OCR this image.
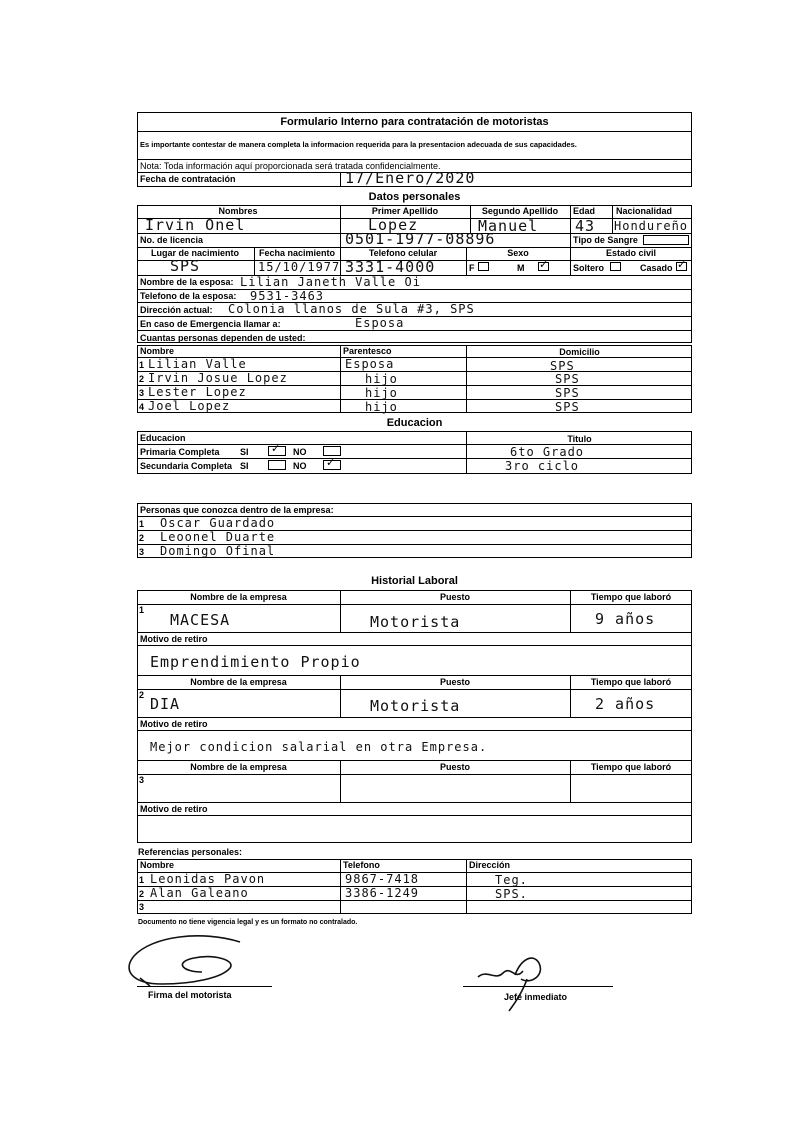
Formulario Interno para contratación de motoristas
Es importante contestar de manera completa la informacion requerida para la presentacion adecuada de sus capacidades.
Nota: Toda información aquí proporcionada será tratada confidencialmente.
Fecha de contratación	17/Enero/2020
Datos personales
Nombres	Primer Apellido	Segundo Apellido	Edad Nacionalidad
Irvin Onel	Lopez	Manuel 43 Hondureño
No. de licencia	0501-1977-08896	Tipo de Sangre
Lugar de nacimiento	Fecha nacimiento	Telefono celular	Sexo	Estado civil
SPS	15/10/1977 3331-4000	F	M ✓	Soltero	Casado ✓
Nombre de la esposa: Lilian Janeth Valle Oi
Telefono de la esposa: 9531-3463
Dirección actual: Colonia llanos de Sula #3, SPS
En caso de Emergencia llamar a:	Esposa
Cuantas personas dependen de usted:
Nombre	Parentesco	Domicilio
1 Lilian Valle	Esposa	SPS
2 Irvin Josue Lopez	hijo	SPS
3 Lester Lopez	hijo	SPS
4 Joel Lopez	hijo	SPS
Educacion
Educacion	Titulo
Primaria Completa SI ✓ NO	6to Grado
Secundaria Completa SI	NO ✓	3ro ciclo
Personas que conozca dentro de la empresa:
1 Oscar Guardado
2 Leoonel Duarte
3 Domingo Ofinal
Historial Laboral
Nombre de la empresa	Puesto	Tiempo que laboró
1
MACESA	Motorista	9 años
Motivo de retiro
Emprendimiento Propio
Nombre de la empresa	Puesto	Tiempo que laboró
2 DIA	Motorista	2 años
Motivo de retiro
Mejor condicion salarial en otra Empresa.
Nombre de la empresa	Puesto	Tiempo que laboró
3
Motivo de retiro
Referencias personales:
Nombre	Telefono	Dirección
1 Leonidas Pavon	9867-7418	Teg.
2 Alan Galeano	3386-1249	SPS.
3
Documento no tiene vigencia legal y es un formato no contralado.
Firma del motorista	Jefe inmediato
